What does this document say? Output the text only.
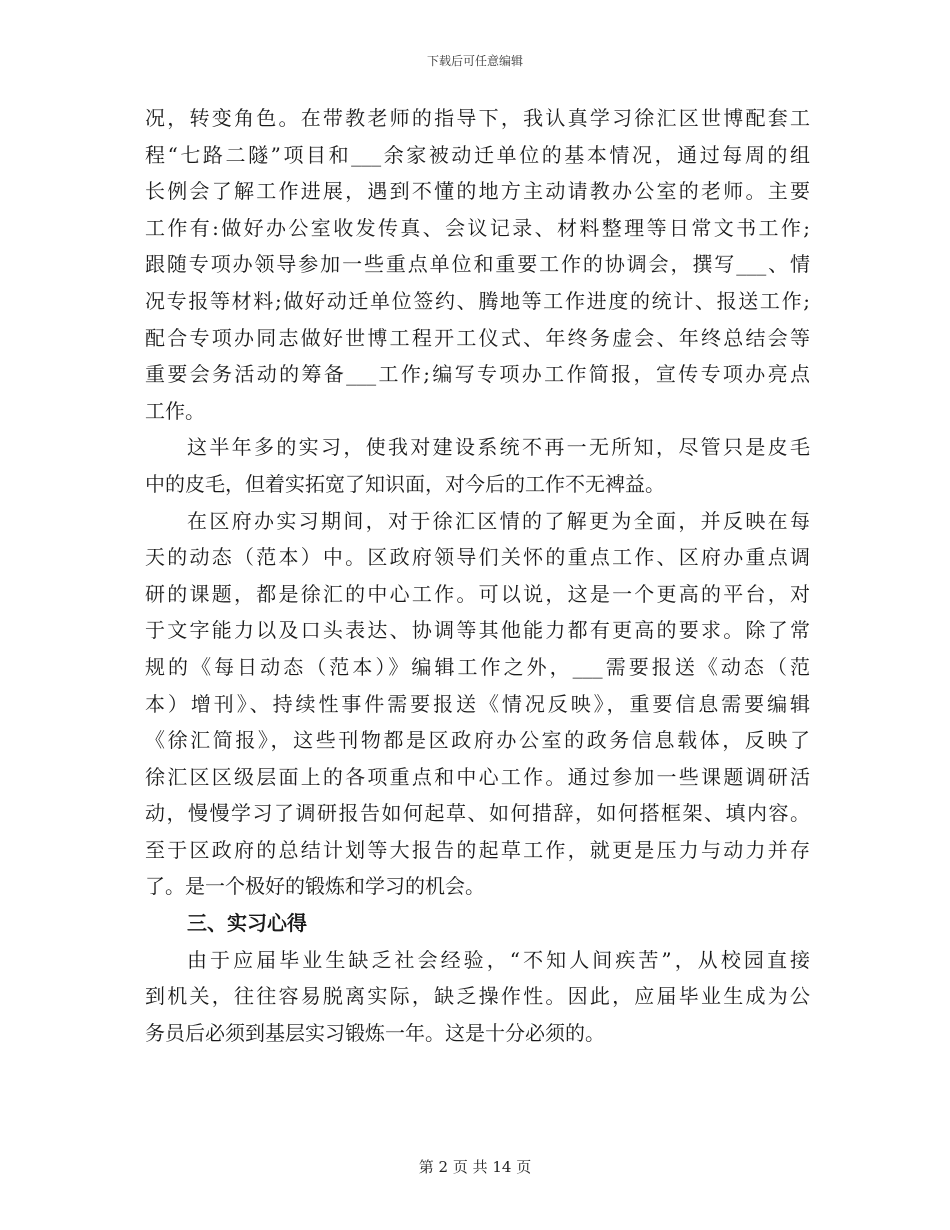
下载后可任意编辑
况，转变角色。在带教老师的指导下，我认真学习徐汇区世博配套工
程“七路二隧”项目和___余家被动迁单位的基本情况，通过每周的组
长例会了解工作进展，遇到不懂的地方主动请教办公室的老师。主要
工作有:做好办公室收发传真、会议记录、材料整理等日常文书工作;
跟随专项办领导参加一些重点单位和重要工作的协调会，撰写___、情
况专报等材料;做好动迁单位签约、腾地等工作进度的统计、报送工作;
配合专项办同志做好世博工程开工仪式、年终务虚会、年终总结会等
重要会务活动的筹备___工作;编写专项办工作简报，宣传专项办亮点
工作。
这半年多的实习，使我对建设系统不再一无所知，尽管只是皮毛
中的皮毛，但着实拓宽了知识面，对今后的工作不无裨益。
在区府办实习期间，对于徐汇区情的了解更为全面，并反映在每
天的动态（范本）中。区政府领导们关怀的重点工作、区府办重点调
研的课题，都是徐汇的中心工作。可以说，这是一个更高的平台，对
于文字能力以及口头表达、协调等其他能力都有更高的要求。除了常
规的《每日动态（范本）》编辑工作之外，___需要报送《动态（范
本）增刊》、持续性事件需要报送《情况反映》，重要信息需要编辑
《徐汇简报》，这些刊物都是区政府办公室的政务信息载体，反映了
徐汇区区级层面上的各项重点和中心工作。通过参加一些课题调研活
动，慢慢学习了调研报告如何起草、如何措辞，如何搭框架、填内容。
至于区政府的总结计划等大报告的起草工作，就更是压力与动力并存
了。是一个极好的锻炼和学习的机会。
三、实习心得
由于应届毕业生缺乏社会经验，“不知人间疾苦”，从校园直接
到机关，往往容易脱离实际，缺乏操作性。因此，应届毕业生成为公
务员后必须到基层实习锻炼一年。这是十分必须的。
第 2 页 共 14 页
